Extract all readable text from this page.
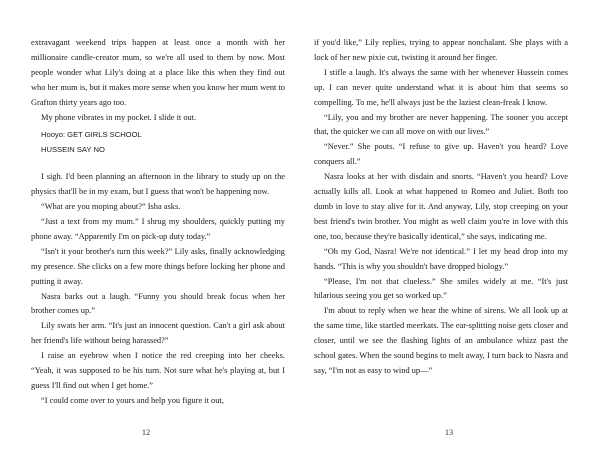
extravagant weekend trips happen at least once a month with her millionaire candle-creator mum, so we're all used to them by now. Most people wonder what Lily's doing at a place like this when they find out who her mum is, but it makes more sense when you know her mum went to Grafton thirty years ago too.

My phone vibrates in my pocket. I slide it out.

Hooyo: GET GIRLS SCHOOL
HUSSEIN SAY NO

I sigh. I'd been planning an afternoon in the library to study up on the physics that'll be in my exam, but I guess that won't be happening now.

“What are you moping about?” Isha asks.

“Just a text from my mum.” I shrug my shoulders, quickly putting my phone away. “Apparently I'm on pick-up duty today.”

“Isn't it your brother's turn this week?” Lily asks, finally acknowledging my presence. She clicks on a few more things before locking her phone and putting it away.

Nasra barks out a laugh. “Funny you should break focus when her brother comes up.”

Lily swats her arm. “It's just an innocent question. Can't a girl ask about her friend's life without being harassed?”

I raise an eyebrow when I notice the red creeping into her cheeks. “Yeah, it was supposed to be his turn. Not sure what he's playing at, but I guess I'll find out when I get home.”

“I could come over to yours and help you figure it out,

12

if you'd like,” Lily replies, trying to appear nonchalant. She plays with a lock of her new pixie cut, twisting it around her finger.

I stifle a laugh. It's always the same with her whenever Hussein comes up. I can never quite understand what it is about him that seems so compelling. To me, he'll always just be the laziest clean-freak I know.

“Lily, you and my brother are never happening. The sooner you accept that, the quicker we can all move on with our lives.”

“Never.” She pouts. “I refuse to give up. Haven't you heard? Love conquers all.”

Nasra looks at her with disdain and snorts. “Haven't you heard? Love actually kills all. Look at what happened to Romeo and Juliet. Both too dumb in love to stay alive for it. And anyway, Lily, stop creeping on your best friend's twin brother. You might as well claim you're in love with this one, too, because they're basically identical,” she says, indicating me.

“Oh my God, Nasra! We're not identical.” I let my head drop into my hands. “This is why you shouldn't have dropped biology.”

“Please, I'm not that clueless.” She smiles widely at me. “It's just hilarious seeing you get so worked up.”

I'm about to reply when we hear the whine of sirens. We all look up at the same time, like startled meerkats. The ear-splitting noise gets closer and closer, until we see the flashing lights of an ambulance whizz past the school gates. When the sound begins to melt away, I turn back to Nasra and say, “I'm not as easy to wind up—”

13
